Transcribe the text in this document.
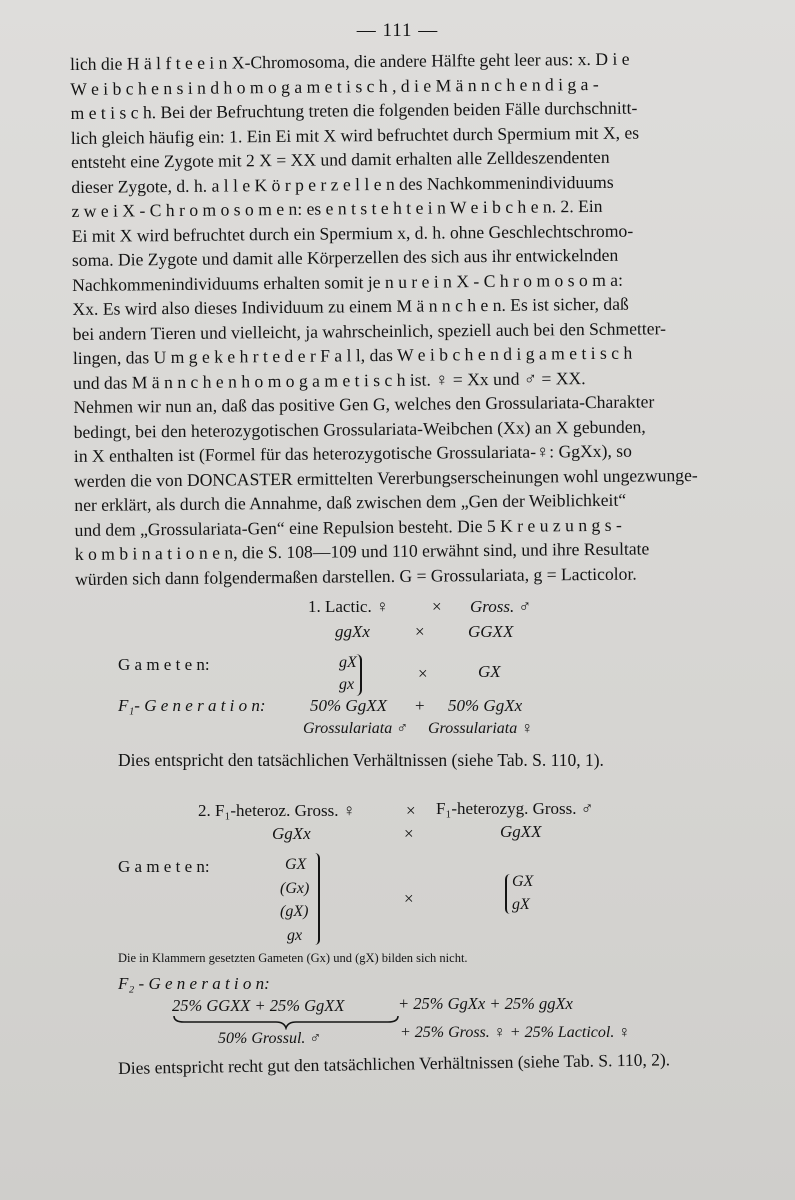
— 111 —

lich die H ä l f t e e i n X-Chromosoma, die andere Hälfte geht leer aus: x. D i e

W e i b c h e n s i n d h o m o g a m e t i s c h , d i e M ä n n c h e n d i g a -

m e t i s c h. Bei der Befruchtung treten die folgenden beiden Fälle durchschnitt-

lich gleich häufig ein: 1. Ein Ei mit X wird befruchtet durch Spermium mit X, es

entsteht eine Zygote mit 2 X = XX und damit erhalten alle Zelldeszendenten

dieser Zygote, d. h. a l l e K ö r p e r z e l l e n des Nachkommenindividuums

z w e i X - C h r o m o s o m e n: es e n t s t e h t e i n W e i b c h e n. 2. Ein

Ei mit X wird befruchtet durch ein Spermium x, d. h. ohne Geschlechtschromo-

soma. Die Zygote und damit alle Körperzellen des sich aus ihr entwickelnden

Nachkommenindividuums erhalten somit je n u r e i n X - C h r o m o s o m a:

Xx. Es wird also dieses Individuum zu einem M ä n n c h e n. Es ist sicher, daß

bei andern Tieren und vielleicht, ja wahrscheinlich, speziell auch bei den Schmetter-

lingen, das U m g e k e h r t e d e r F a l l, das W e i b c h e n d i g a m e t i s c h

und das M ä n n c h e n h o m o g a m e t i s c h ist. ♀ = Xx und ♂ = XX.

Nehmen wir nun an, daß das positive Gen G, welches den Grossulariata-Charakter

bedingt, bei den heterozygotischen Grossulariata-Weibchen (Xx) an X gebunden,

in X enthalten ist (Formel für das heterozygotische Grossulariata-♀: GgXx), so

werden die von DONCASTER ermittelten Vererbungserscheinungen wohl ungezwunge-

ner erklärt, als durch die Annahme, daß zwischen dem „Gen der Weiblichkeit“

und dem „Grossulariata-Gen“ eine Repulsion besteht. Die 5 K r e u z u n g s -

k o m b i n a t i o n e n, die S. 108—109 und 110 erwähnt sind, und ihre Resultate

würden sich dann folgendermaßen darstellen. G = Grossulariata, g = Lacticolor.

1. Lactic. ♀	× Gross. ♂
ggXx	×	GGXX
G a m e t e n:	gX
gx
×	GX
F₁- G e n e r a t i o n:	50% GgXX + 50% GgXx
Grossulariata ♂ Grossulariata ♀
Dies entspricht den tatsächlichen Verhältnissen (siehe Tab. S. 110, 1).
2. F₁-heteroz. Gross. ♀	× F₁-heterozyg. Gross. ♂
GgXx	×	GgXX
G a m e t e n:	GX
(Gx)
(gX)
gx
×
GX
gX
Die in Klammern gesetzten Gameten (Gx) und (gX) bilden sich nicht.
F₂ - G e n e r a t i o n:
25% GGXX + 25% GgXX	+ 25% GgXx + 25% ggXx
50% Grossul. ♂	+ 25% Gross. ♀ + 25% Lacticol. ♀
Dies entspricht recht gut den tatsächlichen Verhältnissen (siehe Tab. S. 110, 2).
